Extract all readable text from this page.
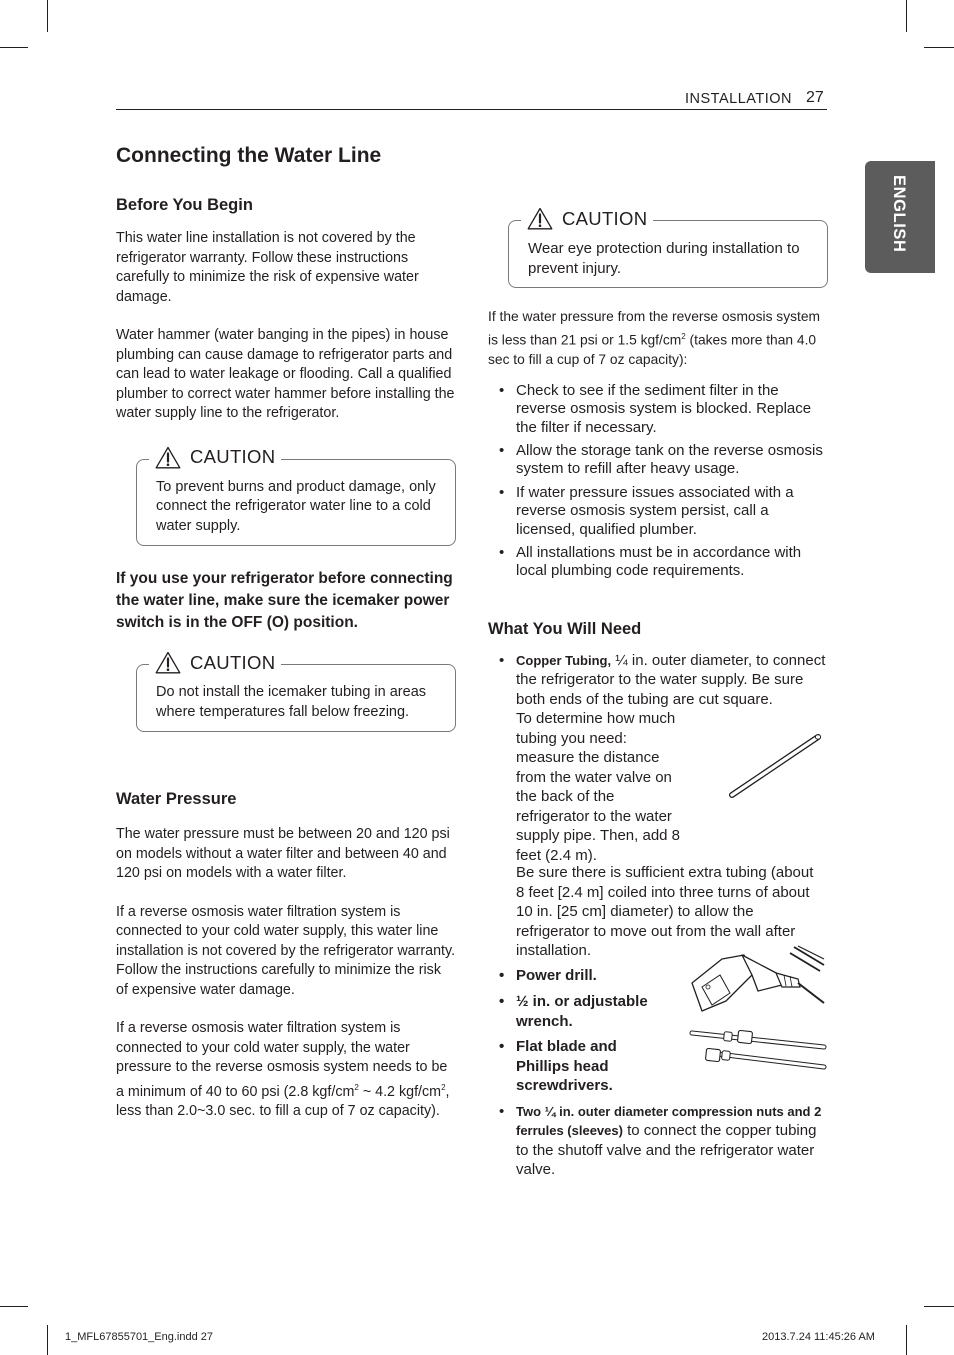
INSTALLATION 27
ENGLISH
Connecting the Water Line
Before You Begin

This water line installation is not covered by the refrigerator warranty. Follow these instructions carefully to minimize the risk of expensive water damage.

Water hammer (water banging in the pipes) in house plumbing can cause damage to refrigerator parts and can lead to water leakage or flooding. Call a qualified plumber to correct water hammer before installing the water supply line to the refrigerator.

CAUTION

To prevent burns and product damage, only connect the refrigerator water line to a cold water supply.

If you use your refrigerator before connecting the water line, make sure the icemaker power switch is in the OFF (O) position.

CAUTION

Do not install the icemaker tubing in areas where temperatures fall below freezing.

Water Pressure

The water pressure must be between 20 and 120 psi on models without a water filter and between 40 and 120 psi on models with a water filter.

If a reverse osmosis water filtration system is connected to your cold water supply, this water line installation is not covered by the refrigerator warranty. Follow the instructions carefully to minimize the risk of expensive water damage.

If a reverse osmosis water filtration system is connected to your cold water supply, the water pressure to the reverse osmosis system needs to be a minimum of 40 to 60 psi (2.8 kgf/$cm^2$ ~ 4.2 kgf/$cm^2$, less than 2.0~3.0 sec. to fill a cup of 7 oz capacity).

CAUTION

Wear eye protection during installation to prevent injury.

If the water pressure from the reverse osmosis system is less than 21 psi or 1.5 kgf/$cm^2$ (takes more than 4.0 sec to fill a cup of 7 oz capacity):

• Check to see if the sediment filter in the reverse osmosis system is blocked. Replace the filter if necessary.
• Allow the storage tank on the reverse osmosis system to refill after heavy usage.
• If water pressure issues associated with a reverse osmosis system persist, call a licensed, qualified plumber.
• All installations must be in accordance with local plumbing code requirements.
What You Will Need
• Copper Tubing, ¼ in. outer diameter, to connect the refrigerator to the water supply. Be sure both ends of the tubing are cut square.
To determine how much tubing you need: measure the distance from the water valve on the back of the refrigerator to the water supply pipe. Then, add 8 feet (2.4 m).
Be sure there is sufficient extra tubing (about 8 feet [2.4 m] coiled into three turns of about 10 in. [25 cm] diameter) to allow the refrigerator to move out from the wall after installation.
• Power drill.
• ½ in. or adjustable wrench.
• Flat blade and Phillips head screwdrivers.
• Two ¼ in. outer diameter compression nuts and 2 ferrules (sleeves) to connect the copper tubing to the shutoff valve and the refrigerator water valve.
1_MFL67855701_Eng.indd 27	2013.7.24 11:45:26 AM
